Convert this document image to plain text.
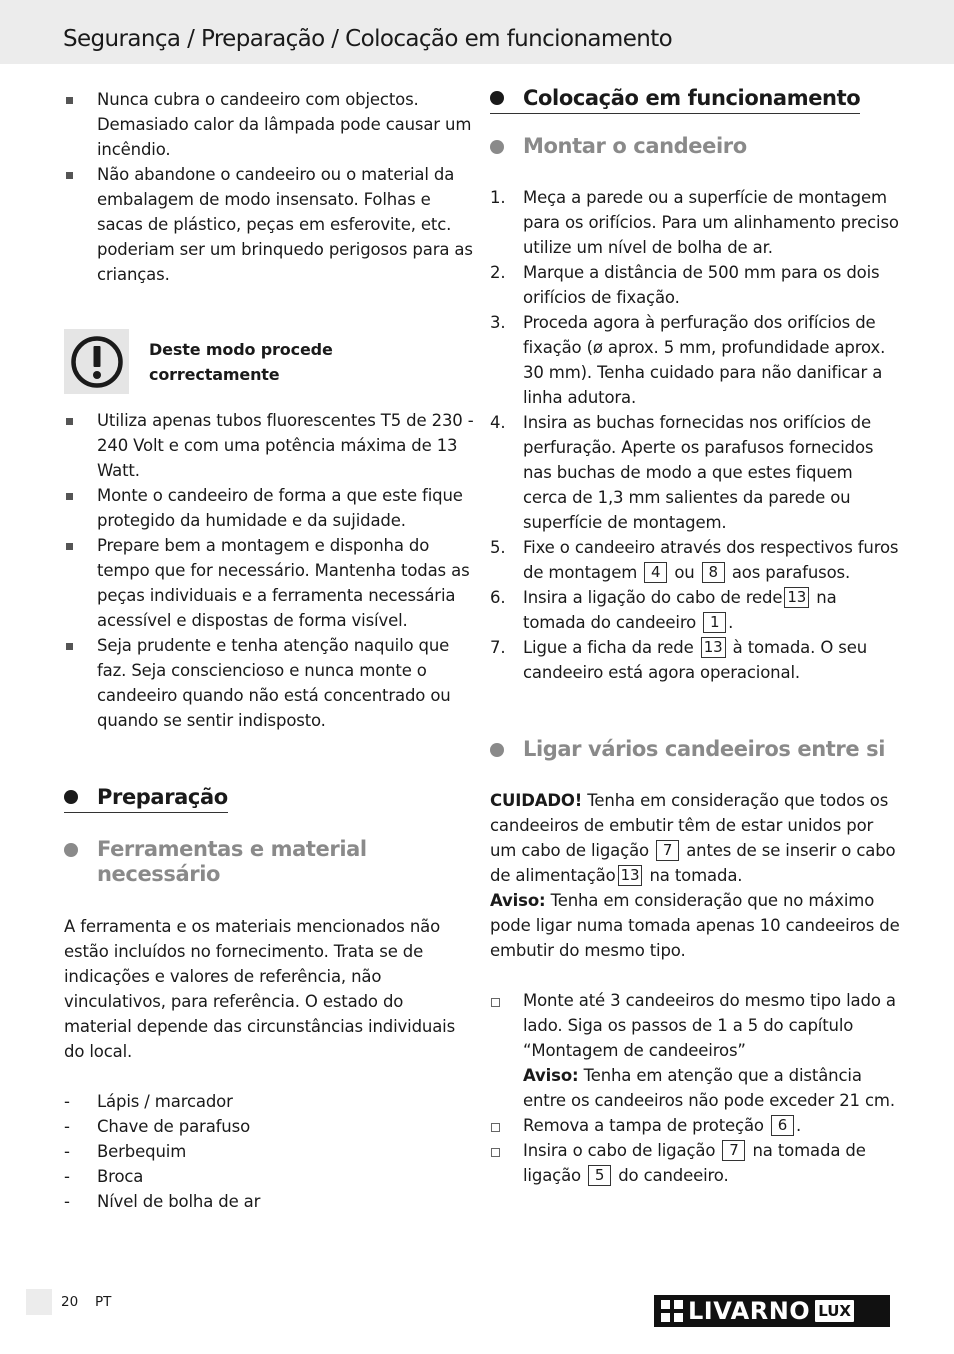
Segurança / Preparação / Colocação em funcionamento
Nunca cubra o candeeiro com objectos. Demasiado calor da lâmpada pode causar um incêndio.
Não abandone o candeeiro ou o material da embalagem de modo insensato. Folhas e sacas de plástico, peças em esferovite, etc. poderiam ser um brinquedo perigosos para as crianças.
Deste modo procede correctamente
Utiliza apenas tubos fluorescentes T5 de 230 - 240 Volt e com uma potência máxima de 13 Watt.
Monte o candeeiro de forma a que este fique protegido da humidade e da sujidade.
Prepare bem a montagem e disponha do tempo que for necessário. Mantenha todas as peças individuais e a ferramenta necessária acessível e dispostas de forma visível.
Seja prudente e tenha atenção naquilo que faz. Seja consciencioso e nunca monte o candeeiro quando não está concentrado ou quando se sentir indisposto.
Preparação
Ferramentas e material necessário

A ferramenta e os materiais mencionados não estão incluídos no fornecimento. Trata se de indicações e valores de referência, não vinculativos, para referência. O estado do material depende das circunstâncias individuais do local.

- Lápis / marcador
- Chave de parafuso
- Berbequim
- Broca
- Nível de bolha de ar
Colocação em funcionamento
Montar o candeeiro
1. Meça a parede ou a superfície de montagem para os orifícios. Para um alinhamento preciso utilize um nível de bolha de ar.
2. Marque a distância de 500 mm para os dois orifícios de fixação.
3. Proceda agora à perfuração dos orifícios de fixação (ø aprox. 5 mm, profundidade aprox. 30 mm). Tenha cuidado para não danificar a linha adutora.
4. Insira as buchas fornecidas nos orifícios de perfuração. Aperte os parafusos fornecidos nas buchas de modo a que estes fiquem cerca de 1,3 mm salientes da parede ou superfície de montagem.
5. Fixe o candeeiro através dos respectivos furos de montagem 4 ou 8 aos parafusos.
6. Insira a ligação do cabo de rede 13 na tomada do candeeiro 1 .
7. Ligue a ficha da rede 13 à tomada. O seu candeeiro está agora operacional.
Ligar vários candeeiros entre si

CUIDADO! Tenha em consideração que todos os candeeiros de embutir têm de estar unidos por um cabo de ligação 7 antes de se inserir o cabo de alimentação 13 na tomada.

Aviso: Tenha em consideração que no máximo pode ligar numa tomada apenas 10 candeeiros de embutir do mesmo tipo.

Monte até 3 candeeiros do mesmo tipo lado a lado. Siga os passos de 1 a 5 do capítulo “Montagem de candeeiros”
Aviso: Tenha em atenção que a distância entre os candeeiros não pode exceder 21 cm.
Remova a tampa de proteção 6 .
Insira o cabo de ligação 7 na tomada de ligação 5 do candeeiro.
20 PT	LIVARNO LUX
